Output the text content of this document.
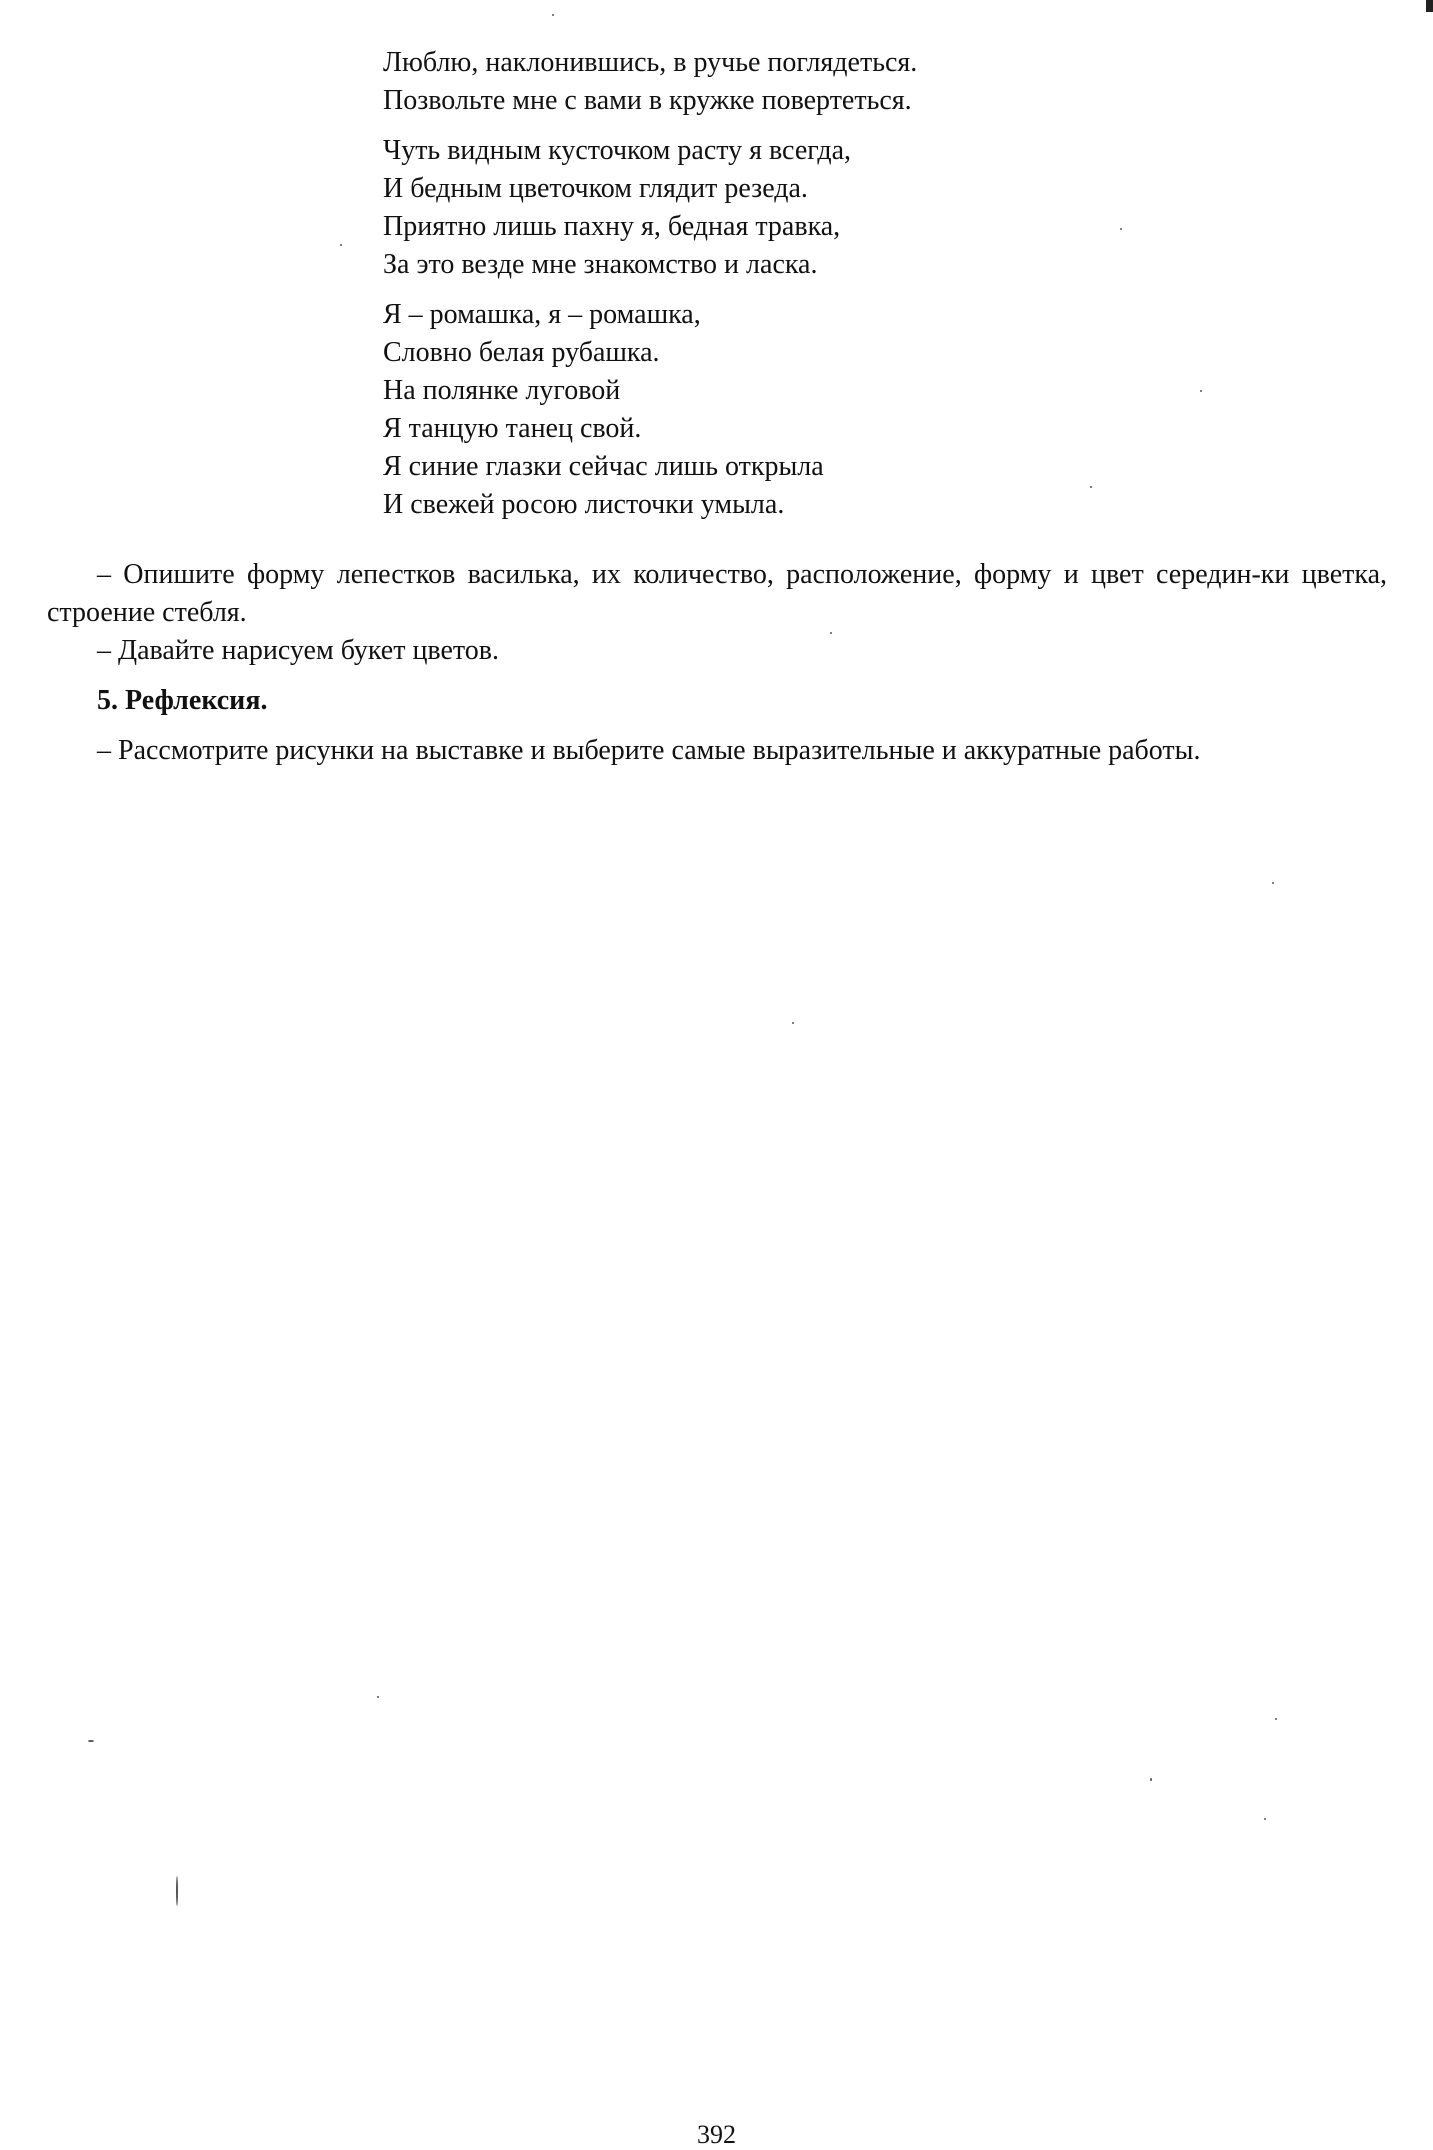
Люблю, наклонившись, в ручье поглядеться.
Позвольте мне с вами в кружке повертеться.
Чуть видным кусточком расту я всегда,
И бедным цветочком глядит резеда.
Приятно лишь пахну я, бедная травка,
За это везде мне знакомство и ласка.
Я – ромашка, я – ромашка,
Словно белая рубашка.
На полянке луговой
Я танцую танец свой.
Я синие глазки сейчас лишь открыла
И свежей росою листочки умыла.

– Опишите форму лепестков василька, их количество, расположение, форму и цвет середин-ки цветка, строение стебля.

– Давайте нарисуем букет цветов.

5. Рефлексия.

– Рассмотрите рисунки на выставке и выберите самые выразительные и аккуратные работы.

392
